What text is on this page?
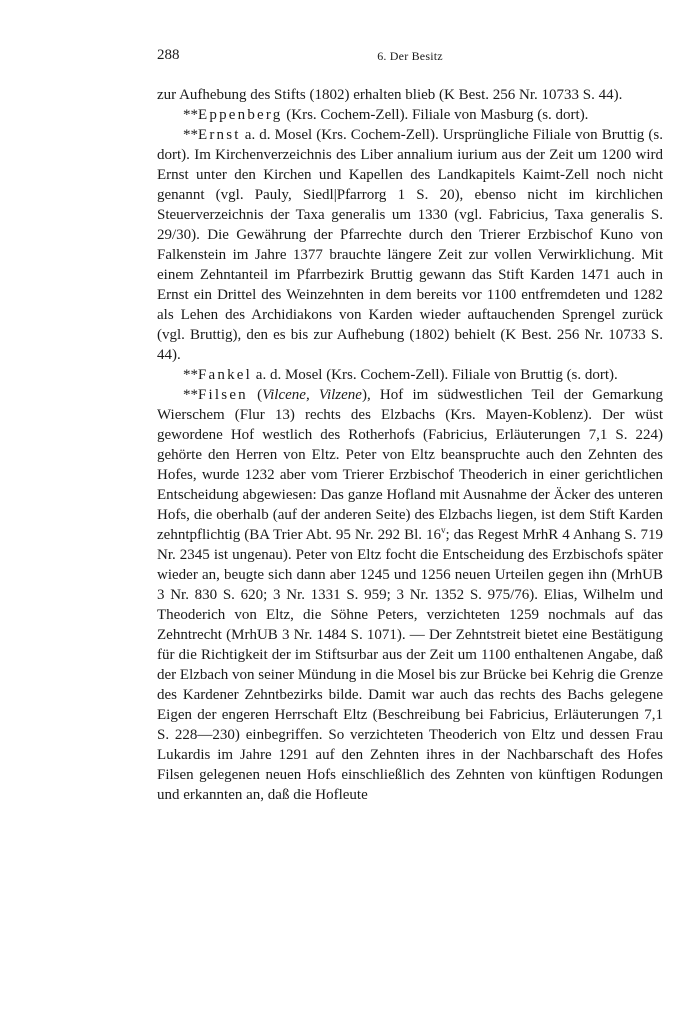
288	6. Der Besitz

zur Aufhebung des Stifts (1802) erhalten blieb (K Best. 256 Nr. 10733 S. 44).

**Eppenberg (Krs. Cochem-Zell). Filiale von Masburg (s. dort).

**Ernst a. d. Mosel (Krs. Cochem-Zell). Ursprüngliche Filiale von Bruttig (s. dort). Im Kirchenverzeichnis des Liber annalium iurium aus der Zeit um 1200 wird Ernst unter den Kirchen und Kapellen des Landkapitels Kaimt-Zell noch nicht genannt (vgl. Pauly, Siedl|Pfarrorg 1 S. 20), ebenso nicht im kirchlichen Steuerverzeichnis der Taxa generalis um 1330 (vgl. Fabricius, Taxa generalis S. 29/30). Die Gewährung der Pfarrechte durch den Trierer Erzbischof Kuno von Falkenstein im Jahre 1377 brauchte längere Zeit zur vollen Verwirklichung. Mit einem Zehntanteil im Pfarrbezirk Bruttig gewann das Stift Karden 1471 auch in Ernst ein Drittel des Weinzehnten in dem bereits vor 1100 entfremdeten und 1282 als Lehen des Archidiakons von Karden wieder auftauchenden Sprengel zurück (vgl. Bruttig), den es bis zur Aufhebung (1802) behielt (K Best. 256 Nr. 10733 S. 44).

**Fankel a. d. Mosel (Krs. Cochem-Zell). Filiale von Bruttig (s. dort).

**Filsen (Vilcene, Vilzene), Hof im südwestlichen Teil der Gemarkung Wierschem (Flur 13) rechts des Elzbachs (Krs. Mayen-Koblenz). Der wüst gewordene Hof westlich des Rotherhofs (Fabricius, Erläuterungen 7,1 S. 224) gehörte den Herren von Eltz. Peter von Eltz beanspruchte auch den Zehnten des Hofes, wurde 1232 aber vom Trierer Erzbischof Theoderich in einer gerichtlichen Entscheidung abgewiesen: Das ganze Hofland mit Ausnahme der Äcker des unteren Hofs, die oberhalb (auf der anderen Seite) des Elzbachs liegen, ist dem Stift Karden zehntpflichtig (BA Trier Abt. 95 Nr. 292 Bl. 16$^v$; das Regest MrhR 4 Anhang S. 719 Nr. 2345 ist ungenau). Peter von Eltz focht die Entscheidung des Erzbischofs später wieder an, beugte sich dann aber 1245 und 1256 neuen Urteilen gegen ihn (MrhUB 3 Nr. 830 S. 620; 3 Nr. 1331 S. 959; 3 Nr. 1352 S. 975/76). Elias, Wilhelm und Theoderich von Eltz, die Söhne Peters, verzichteten 1259 nochmals auf das Zehntrecht (MrhUB 3 Nr. 1484 S. 1071). — Der Zehntstreit bietet eine Bestätigung für die Richtigkeit der im Stiftsurbar aus der Zeit um 1100 enthaltenen Angabe, daß der Elzbach von seiner Mündung in die Mosel bis zur Brücke bei Kehrig die Grenze des Kardener Zehntbezirks bilde. Damit war auch das rechts des Bachs gelegene Eigen der engeren Herrschaft Eltz (Beschreibung bei Fabricius, Erläuterungen 7,1 S. 228—230) einbegriffen. So verzichteten Theoderich von Eltz und dessen Frau Lukardis im Jahre 1291 auf den Zehnten ihres in der Nachbarschaft des Hofes Filsen gelegenen neuen Hofs einschließlich des Zehnten von künftigen Rodungen und erkannten an, daß die Hofleute
